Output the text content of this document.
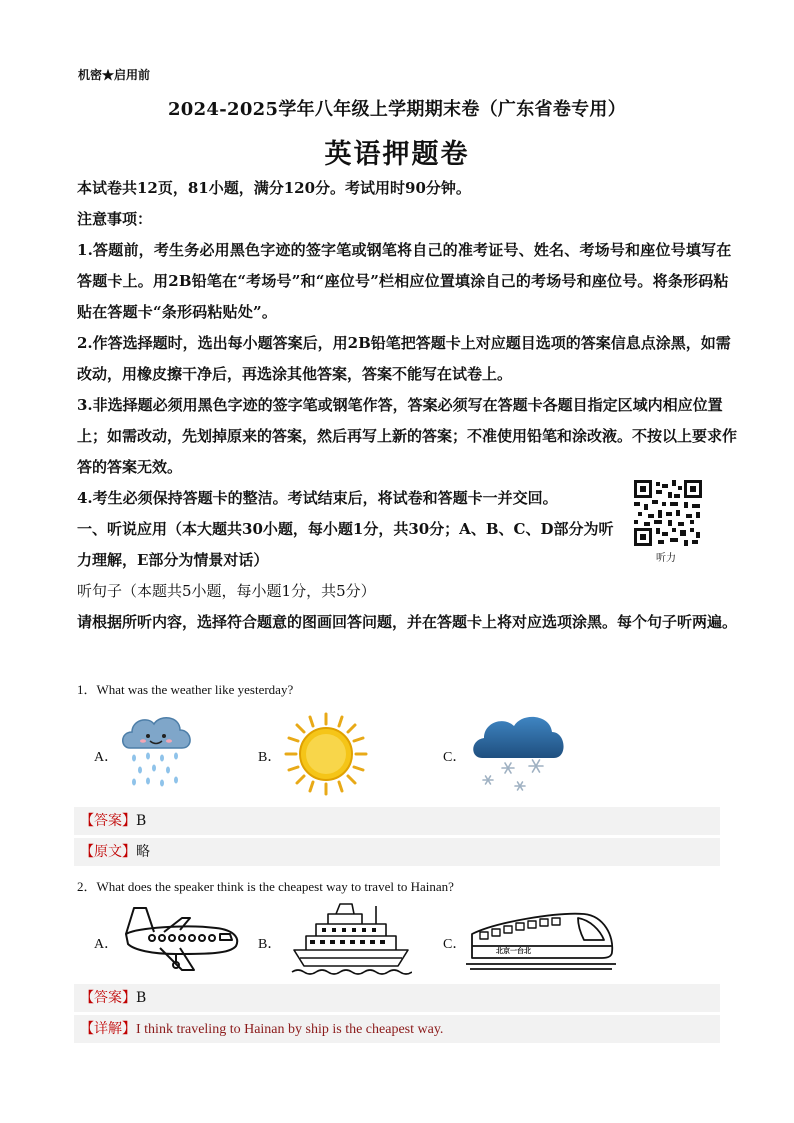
机密★启用前
2024-2025学年八年级上学期期末卷（广东省卷专用）
英语押题卷
本试卷共12页，81小题，满分120分。考试用时90分钟。
注意事项：
1.答题前，考生务必用黑色字迹的签字笔或钢笔将自己的准考证号、姓名、考场号和座位号填写在答题卡上。用2B铅笔在“考场号”和“座位号”栏相应位置填涂自己的考场号和座位号。将条形码粘贴在答题卡“条形码粘贴处”。
2.作答选择题时，选出每小题答案后，用2B铅笔把答题卡上对应题目选项的答案信息点涂黑，如需改动，用橡皮擦干净后，再选涂其他答案，答案不能写在试卷上。
3.非选择题必须用黑色字迹的签字笔或钢笔作答，答案必须写在答题卡各题目指定区域内相应位置上；如需改动，先划掉原来的答案，然后再写上新的答案；不准使用铅笔和涂改液。不按以上要求作答的答案无效。
4.考生必须保持答题卡的整洁。考试结束后，将试卷和答题卡一并交回。
一、听说应用（本大题共30小题，每小题1分，共30分；A、B、C、D部分为听力理解，E部分为情景对话）
听句子（本题共5小题，每小题1分，共5分）
请根据所听内容，选择符合题意的图画回答问题，并在答题卡上将对应选项涂黑。每个句子听两遍。
听力
1．What was the weather like yesterday?
A．	B．	C．
【答案】B
【原文】略
2．What does the speaker think is the cheapest way to travel to Hainan?
A．	B．	C．	北京一台北
【答案】B
【详解】I think traveling to Hainan by ship is the cheapest way.
